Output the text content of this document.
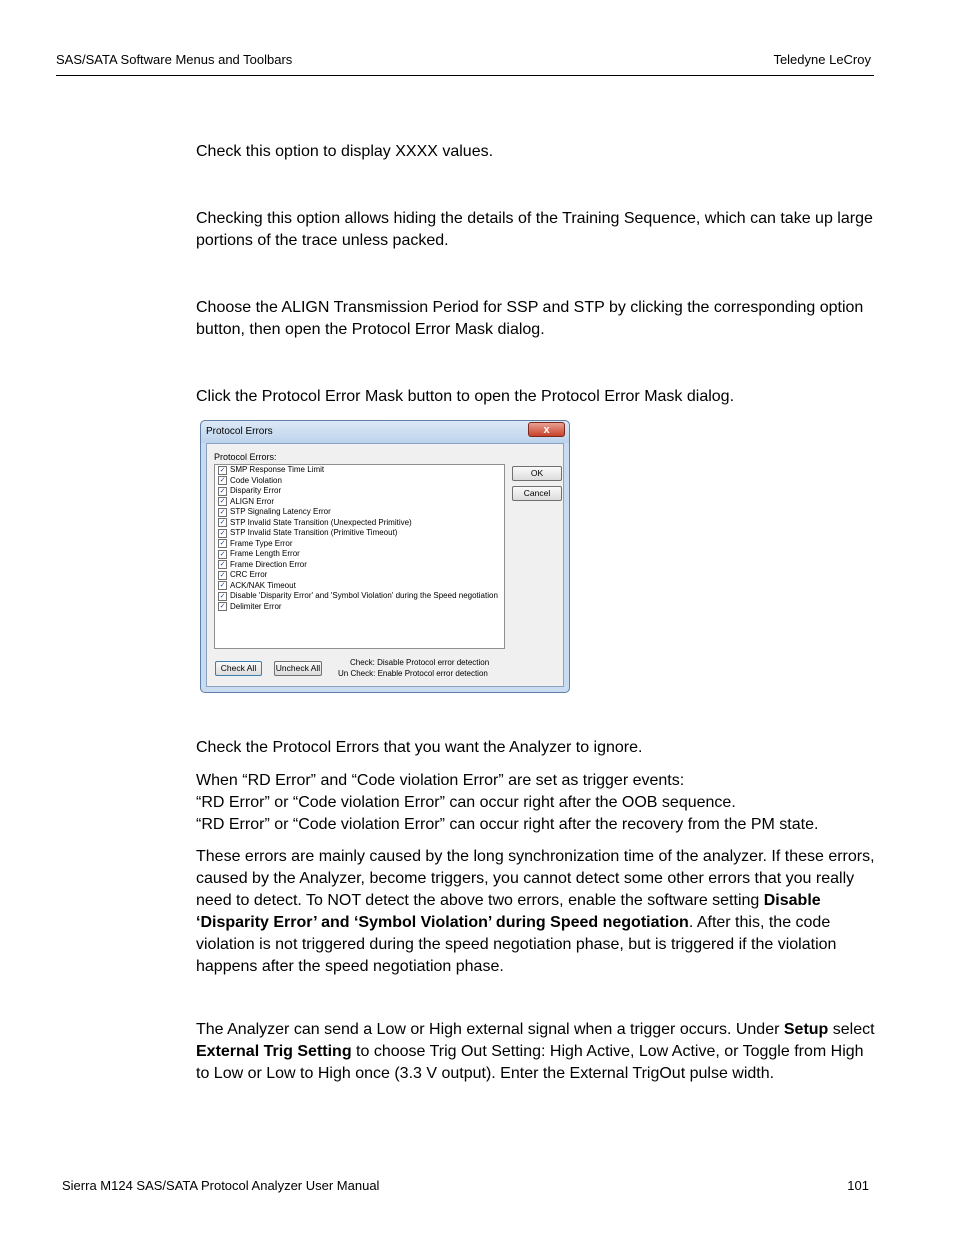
SAS/SATA Software Menus and Toolbars	Teledyne LeCroy

Check this option to display XXXX values.

Checking this option allows hiding the details of the Training Sequence, which can take up large portions of the trace unless packed.

Choose the ALIGN Transmission Period for SSP and STP by clicking the corresponding option button, then open the Protocol Error Mask dialog.

Click the Protocol Error Mask button to open the Protocol Error Mask dialog.

Protocol Errors	x
Protocol Errors:
✓ SMP Response Time Limit
✓ Code Violation
✓ Disparity Error
✓ ALIGN Error
✓ STP Signaling Latency Error
✓ STP Invalid State Transition (Unexpected Primitive)
✓ STP Invalid State Transition (Primitive Timeout)
✓ Frame Type Error
✓ Frame Length Error
✓ Frame Direction Error
✓ CRC Error
✓ ACK/NAK Timeout
✓ Disable 'Disparity Error' and 'Symbol Violation' during the Speed negotiation
✓ Delimiter Error
OK
Cancel
Check All	Uncheck All
Check: Disable Protocol error detection
Un Check: Enable Protocol error detection

Check the Protocol Errors that you want the Analyzer to ignore.

When “RD Error” and “Code violation Error” are set as trigger events:
“RD Error” or “Code violation Error” can occur right after the OOB sequence.
“RD Error” or “Code violation Error” can occur right after the recovery from the PM state.

These errors are mainly caused by the long synchronization time of the analyzer. If these errors, caused by the Analyzer, become triggers, you cannot detect some other errors that you really need to detect. To NOT detect the above two errors, enable the software setting Disable ‘Disparity Error’ and ‘Symbol Violation’ during Speed negotiation. After this, the code violation is not triggered during the speed negotiation phase, but is triggered if the violation happens after the speed negotiation phase.

The Analyzer can send a Low or High external signal when a trigger occurs. Under Setup select External Trig Setting to choose Trig Out Setting: High Active, Low Active, or Toggle from High to Low or Low to High once (3.3 V output). Enter the External TrigOut pulse width.

Sierra M124 SAS/SATA Protocol Analyzer User Manual	101
